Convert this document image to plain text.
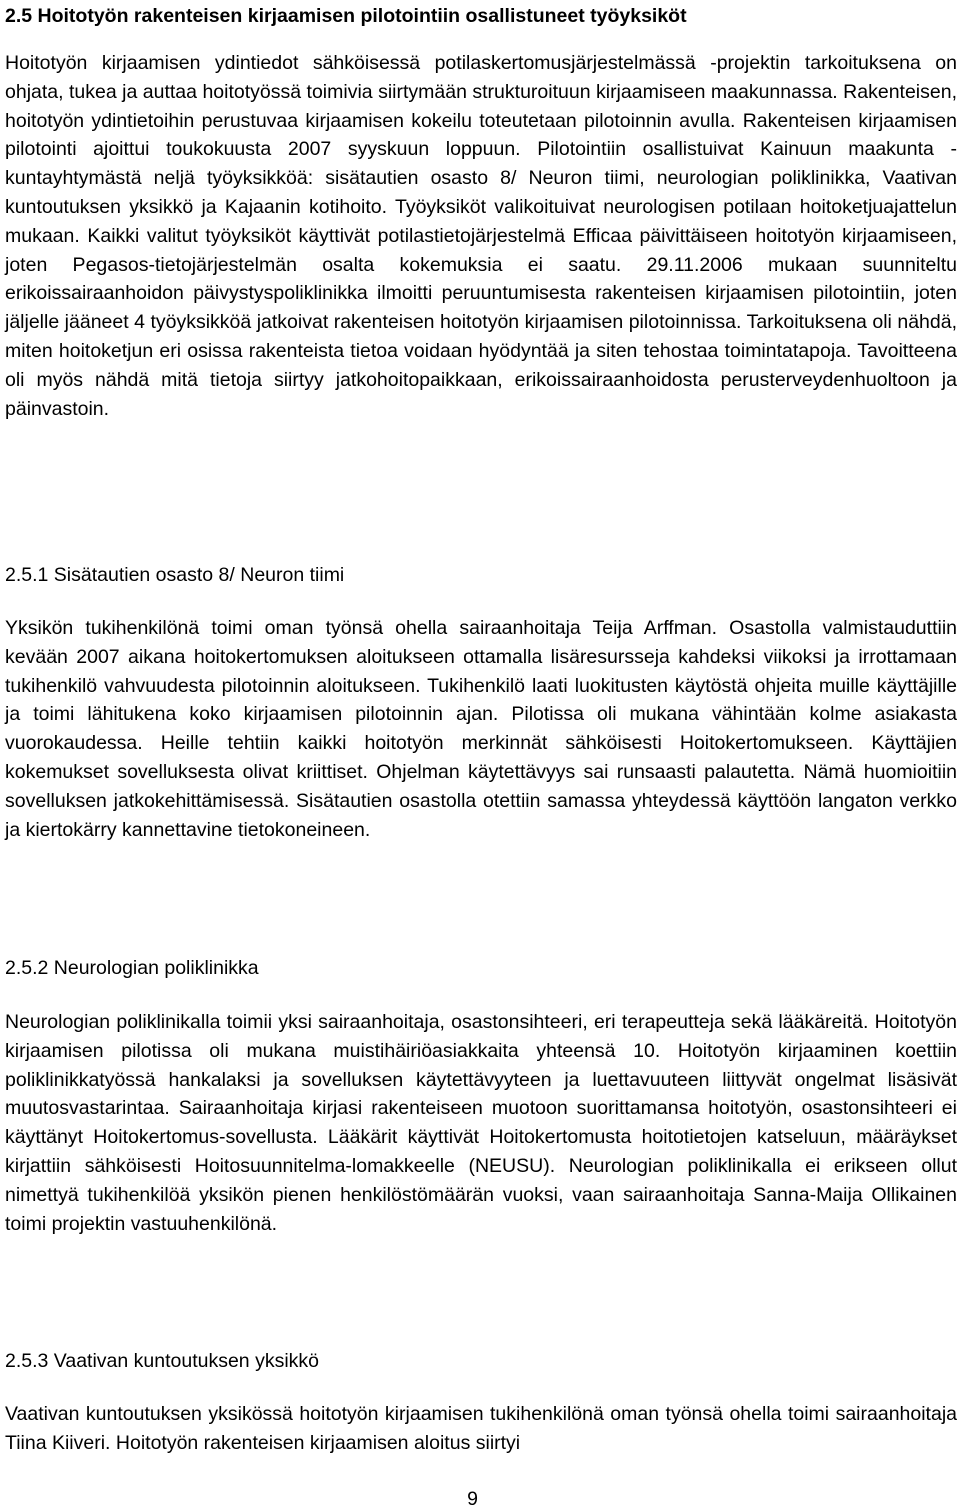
2.5 Hoitotyön rakenteisen kirjaamisen pilotointiin osallistuneet työyksiköt

Hoitotyön kirjaamisen ydintiedot sähköisessä potilaskertomusjärjestelmässä -projektin tarkoituksena on ohjata, tukea ja auttaa hoitotyössä toimivia siirtymään strukturoituun kirjaamiseen maakunnassa. Rakenteisen, hoitotyön ydintietoihin perustuvaa kirjaamisen kokeilu toteutetaan pilotoinnin avulla. Rakenteisen kirjaamisen pilotointi ajoittui toukokuusta 2007 syyskuun loppuun. Pilotointiin osallistuivat Kainuun maakunta -kuntayhtymästä neljä työyksikköä: sisätautien osasto 8/ Neuron tiimi, neurologian poliklinikka, Vaativan kuntoutuksen yksikkö ja Kajaanin kotihoito. Työyksiköt valikoituivat neurologisen potilaan hoitoketjuajattelun mukaan. Kaikki valitut työyksiköt käyttivät potilastietojärjestelmä Efficaa päivittäiseen hoitotyön kirjaamiseen, joten Pegasos-tietojärjestelmän osalta kokemuksia ei saatu. 29.11.2006 mukaan suunniteltu erikoissairaanhoidon päivystyspoliklinikka ilmoitti peruuntumisesta rakenteisen kirjaamisen pilotointiin, joten jäljelle jääneet 4 työyksikköä jatkoivat rakenteisen hoitotyön kirjaamisen pilotoinnissa. Tarkoituksena oli nähdä, miten hoitoketjun eri osissa rakenteista tietoa voidaan hyödyntää ja siten tehostaa toimintatapoja. Tavoitteena oli myös nähdä mitä tietoja siirtyy jatkohoitopaikkaan, erikoissairaanhoidosta perusterveydenhuoltoon ja päinvastoin.

2.5.1 Sisätautien osasto 8/ Neuron tiimi

Yksikön tukihenkilönä toimi oman työnsä ohella sairaanhoitaja Teija Arffman. Osastolla valmistauduttiin kevään 2007 aikana hoitokertomuksen aloitukseen ottamalla lisäresursseja kahdeksi viikoksi ja irrottamaan tukihenkilö vahvuudesta pilotoinnin aloitukseen. Tukihenkilö laati luokitusten käytöstä ohjeita muille käyttäjille ja toimi lähitukena koko kirjaamisen pilotoinnin ajan. Pilotissa oli mukana vähintään kolme asiakasta vuorokaudessa. Heille tehtiin kaikki hoitotyön merkinnät sähköisesti Hoitokertomukseen. Käyttäjien kokemukset sovelluksesta olivat kriittiset. Ohjelman käytettävyys sai runsaasti palautetta. Nämä huomioitiin sovelluksen jatkokehittämisessä. Sisätautien osastolla otettiin samassa yhteydessä käyttöön langaton verkko ja kiertokärry kannettavine tietokoneineen.

2.5.2 Neurologian poliklinikka

Neurologian poliklinikalla toimii yksi sairaanhoitaja, osastonsihteeri, eri terapeutteja sekä lääkäreitä. Hoitotyön kirjaamisen pilotissa oli mukana muistihäiriöasiakkaita yhteensä 10. Hoitotyön kirjaaminen koettiin poliklinikkatyössä hankalaksi ja sovelluksen käytettävyyteen ja luettavuuteen liittyvät ongelmat lisäsivät muutosvastarintaa. Sairaanhoitaja kirjasi rakenteiseen muotoon suorittamansa hoitotyön, osastonsihteeri ei käyttänyt Hoitokertomus-sovellusta. Lääkärit käyttivät Hoitokertomusta hoitotietojen katseluun, määräykset kirjattiin sähköisesti Hoitosuunnitelma-lomakkeelle (NEUSU). Neurologian poliklinikalla ei erikseen ollut nimettyä tukihenkilöä yksikön pienen henkilöstömäärän vuoksi, vaan sairaanhoitaja Sanna-Maija Ollikainen toimi projektin vastuuhenkilönä.

2.5.3 Vaativan kuntoutuksen yksikkö

Vaativan kuntoutuksen yksikössä hoitotyön kirjaamisen tukihenkilönä oman työnsä ohella toimi sairaanhoitaja Tiina Kiiveri. Hoitotyön rakenteisen kirjaamisen aloitus siirtyi

9
